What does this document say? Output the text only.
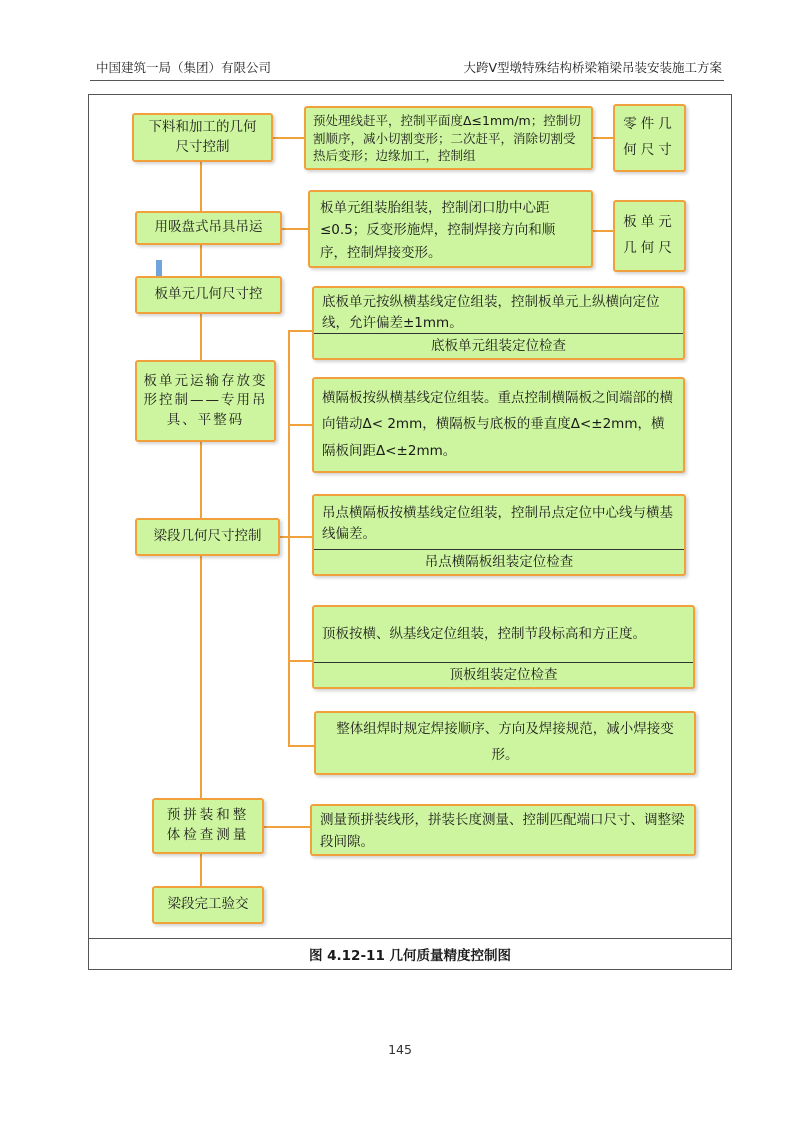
中国建筑一局（集团）有限公司	大跨V型墩特殊结构桥梁箱梁吊装安装施工方案
下料和加工的几何尺寸控制
用吸盘式吊具吊运
板单元几何尺寸控
板单元运输存放变形控制——专用吊具、平整码
梁段几何尺寸控制
预拼装和整体检查测量
梁段完工验交
预处理线赶平，控制平面度Δ≤1mm/m；控制切割顺序，减小切割变形；二次赶平，消除切割受热后变形；边缘加工，控制组
零件几何尺寸
板单元组装胎组装，控制闭口肋中心距≤0.5；反变形施焊，控制焊接方向和顺序，控制焊接变形。
板单元几何尺
底板单元按纵横基线定位组装，控制板单元上纵横向定位线，允许偏差±1mm。
底板单元组装定位检查
横隔板按纵横基线定位组装。重点控制横隔板之间端部的横向错动Δ< 2mm，横隔板与底板的垂直度Δ<±2mm，横隔板间距Δ<±2mm。
吊点横隔板按横基线定位组装，控制吊点定位中心线与横基线偏差。
吊点横隔板组装定位检查
顶板按横、纵基线定位组装，控制节段标高和方正度。
顶板组装定位检查
整体组焊时规定焊接顺序、方向及焊接规范，减小焊接变形。
测量预拼装线形，拼装长度测量、控制匹配端口尺寸、调整梁段间隙。
图 4.12-11 几何质量精度控制图
145
